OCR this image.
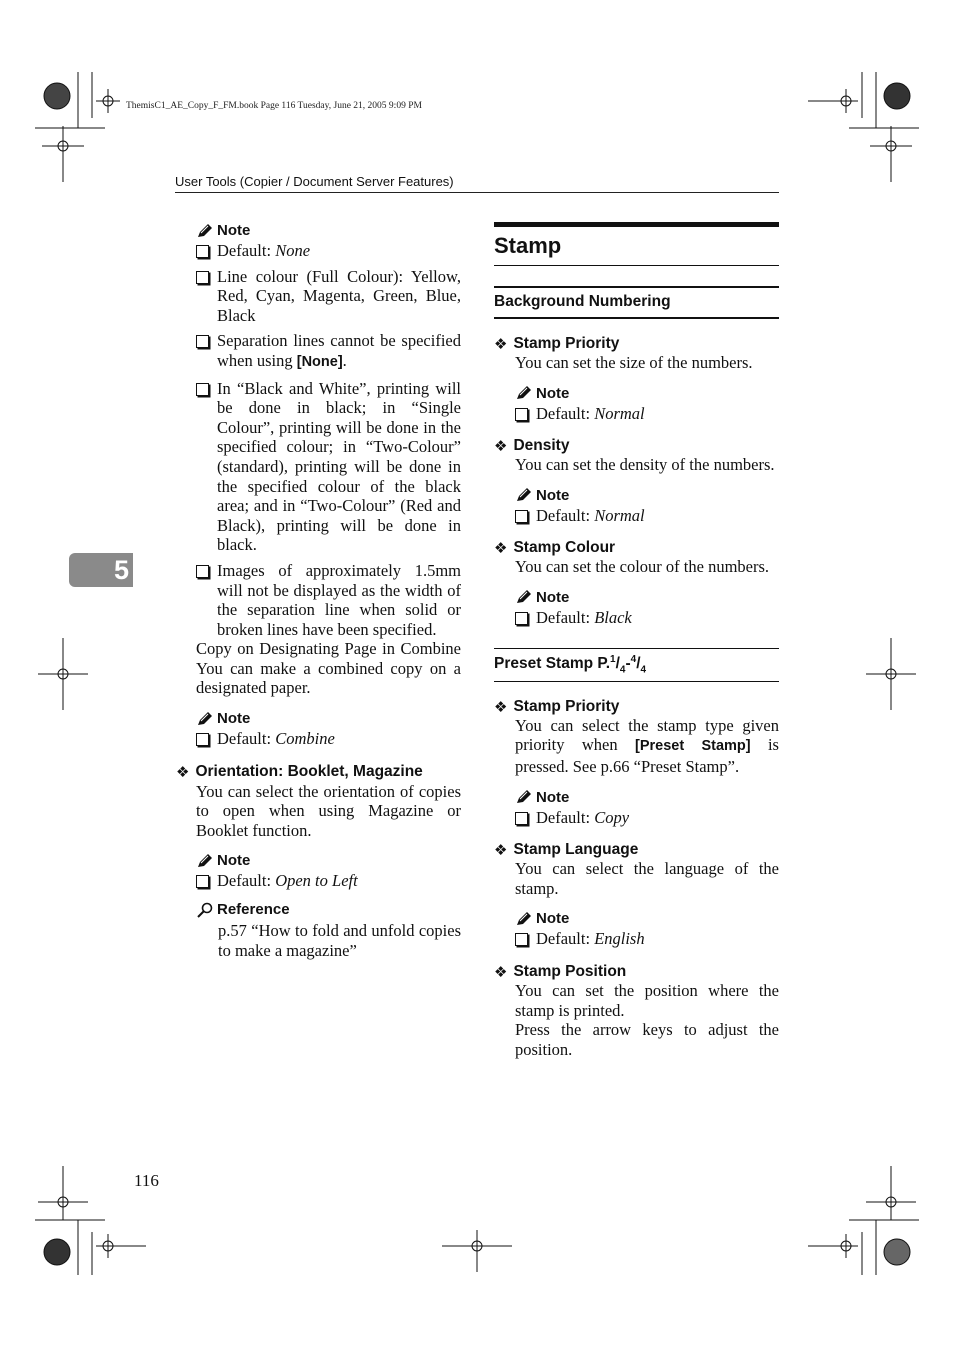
ThemisC1_AE_Copy_F_FM.book Page 116 Tuesday, June 21, 2005 9:09 PM
User Tools (Copier / Document Server Features)
5
116
Note
Default: None
Line colour (Full Colour): Yellow, Red, Cyan, Magenta, Green, Blue, Black
Separation lines cannot be specified when using [None].
In “Black and White”, printing will be done in black; in “Single Colour”, printing will be done in the specified colour; in “Two-Colour” (standard), printing will be done in the specified colour of the black area; and in “Two-Colour” (Red and Black), printing will be done in black.
Images of approximately 1.5mm will not be displayed as the width of the separation line when solid or broken lines have been specified.

Copy on Designating Page in Combine You can make a combined copy on a designated paper.

Note
Default: Combine
❖ Orientation: Booklet, Magazine

You can select the orientation of copies to open when using Magazine or Booklet function.

Note
Default: Open to Left
Reference

p.57 “How to fold and unfold copies to make a magazine”

Stamp
Background Numbering
❖ Stamp Priority

You can set the size of the numbers.

Note
Default: Normal
❖ Density

You can set the density of the numbers.

Note
Default: Normal
❖ Stamp Colour

You can set the colour of the numbers.

Note
Default: Black
Preset Stamp $P.^1/_4-^4/_4$
❖ Stamp Priority

You can select the stamp type given priority when [Preset Stamp] is pressed. See p.66 “Preset Stamp”.

Note
Default: Copy
❖ Stamp Language

You can select the language of the stamp.

Note
Default: English
❖ Stamp Position

You can set the position where the stamp is printed.

Press the arrow keys to adjust the position.
